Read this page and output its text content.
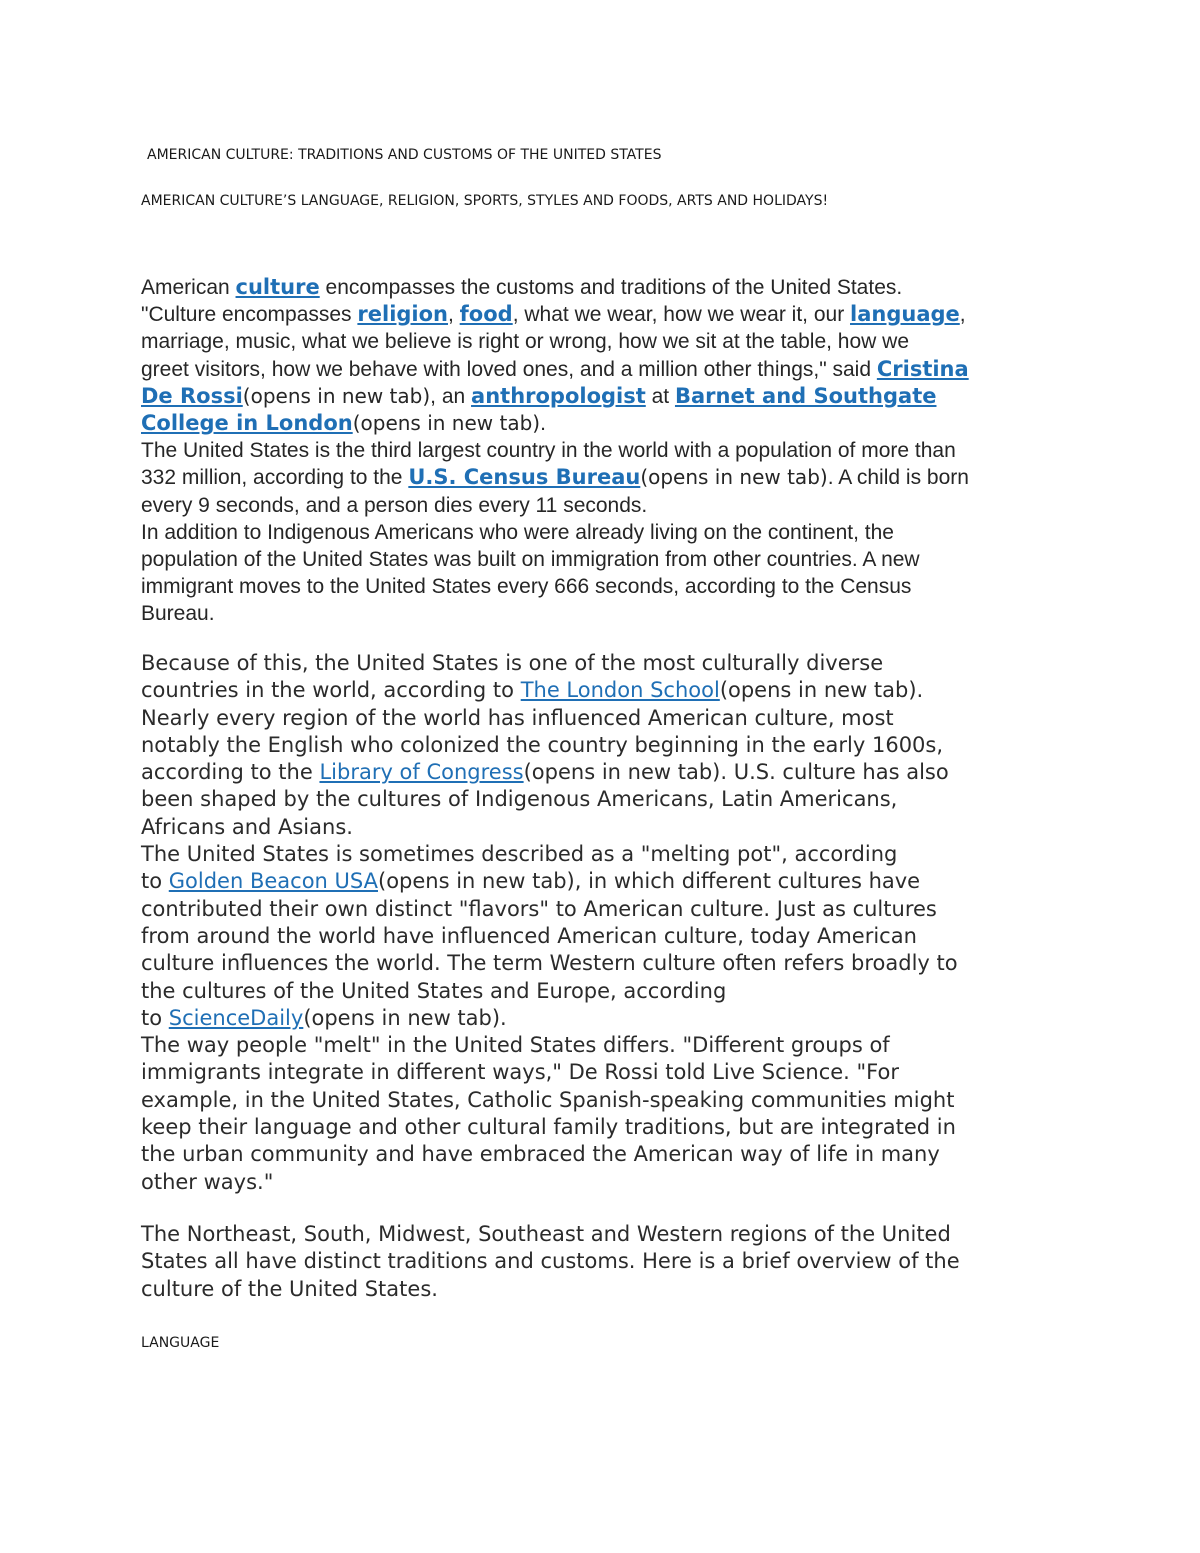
AMERICAN CULTURE: TRADITIONS AND CUSTOMS OF THE UNITED STATES
AMERICAN CULTURE’S LANGUAGE, RELIGION, SPORTS, STYLES AND FOODS, ARTS AND HOLIDAYS!
American culture encompasses the customs and traditions of the United States.
"Culture encompasses religion, food, what we wear, how we wear it, our language,
marriage, music, what we believe is right or wrong, how we sit at the table, how we
greet visitors, how we behave with loved ones, and a million other things," said Cristina
De Rossi(opens in new tab), an anthropologist at Barnet and Southgate
College in London(opens in new tab).
The United States is the third largest country in the world with a population of more than
332 million, according to the U.S. Census Bureau(opens in new tab). A child is born
every 9 seconds, and a person dies every 11 seconds.
In addition to Indigenous Americans who were already living on the continent, the
population of the United States was built on immigration from other countries. A new
immigrant moves to the United States every 666 seconds, according to the Census
Bureau.
Because of this, the United States is one of the most culturally diverse
countries in the world, according to The London School(opens in new tab).
Nearly every region of the world has influenced American culture, most
notably the English who colonized the country beginning in the early 1600s,
according to the Library of Congress(opens in new tab). U.S. culture has also
been shaped by the cultures of Indigenous Americans, Latin Americans,
Africans and Asians.
The United States is sometimes described as a "melting pot", according
to Golden Beacon USA(opens in new tab), in which different cultures have
contributed their own distinct "flavors" to American culture. Just as cultures
from around the world have influenced American culture, today American
culture influences the world. The term Western culture often refers broadly to
the cultures of the United States and Europe, according
to ScienceDaily(opens in new tab).
The way people "melt" in the United States differs. "Different groups of
immigrants integrate in different ways," De Rossi told Live Science. "For
example, in the United States, Catholic Spanish-speaking communities might
keep their language and other cultural family traditions, but are integrated in
the urban community and have embraced the American way of life in many
other ways."
The Northeast, South, Midwest, Southeast and Western regions of the United
States all have distinct traditions and customs. Here is a brief overview of the
culture of the United States.
LANGUAGE
